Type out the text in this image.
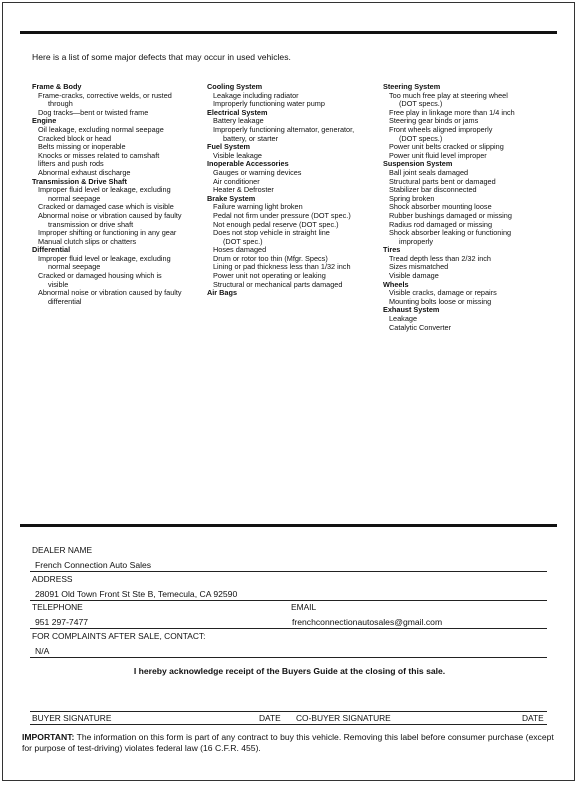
Here is a list of some major defects that may occur in used vehicles.
Frame & Body
Frame-cracks, corrective welds, or rusted
through
Dog tracks—bent or twisted frame
Engine
Oil leakage, excluding normal seepage
Cracked block or head
Belts missing or inoperable
Knocks or misses related to camshaft
lifters and push rods
Abnormal exhaust discharge
Transmission & Drive Shaft
Improper fluid level or leakage, excluding
normal seepage
Cracked or damaged case which is visible
Abnormal noise or vibration caused by faulty
transmission or drive shaft
Improper shifting or functioning in any gear
Manual clutch slips or chatters
Differential
Improper fluid level or leakage, excluding
normal seepage
Cracked or damaged housing which is
visible
Abnormal noise or vibration caused by faulty
differential
Cooling System
Leakage including radiator
Improperly functioning water pump
Electrical System
Battery leakage
Improperly functioning alternator, generator,
battery, or starter
Fuel System
Visible leakage
Inoperable Accessories
Gauges or warning devices
Air conditioner
Heater & Defroster
Brake System
Failure warning light broken
Pedal not firm under pressure (DOT spec.)
Not enough pedal reserve (DOT spec.)
Does not stop vehicle in straight line
(DOT spec.)
Hoses damaged
Drum or rotor too thin (Mfgr. Specs)
Lining or pad thickness less than 1/32 inch
Power unit not operating or leaking
Structural or mechanical parts damaged
Air Bags
Steering System
Too much free play at steering wheel
(DOT specs.)
Free play in linkage more than 1/4 inch
Steering gear binds or jams
Front wheels aligned improperly
(DOT specs.)
Power unit belts cracked or slipping
Power unit fluid level improper
Suspension System
Ball joint seals damaged
Structural parts bent or damaged
Stabilizer bar disconnected
Spring broken
Shock absorber mounting loose
Rubber bushings damaged or missing
Radius rod damaged or missing
Shock absorber leaking or functioning
improperly
Tires
Tread depth less than 2/32 inch
Sizes mismatched
Visible damage
Wheels
Visible cracks, damage or repairs
Mounting bolts loose or missing
Exhaust System
Leakage
Catalytic Converter
DEALER NAME
French Connection Auto Sales
ADDRESS
28091 Old Town Front St Ste B, Temecula, CA 92590
TELEPHONE	EMAIL
951 297-7477	frenchconnectionautosales@gmail.com
FOR COMPLAINTS AFTER SALE, CONTACT:
N/A
I hereby acknowledge receipt of the Buyers Guide at the closing of this sale.
BUYER SIGNATURE	DATE CO-BUYER SIGNATURE	DATE
IMPORTANT: The information on this form is part of any contract to buy this vehicle. Removing this label before consumer purchase (except for purpose of test-driving) violates federal law (16 C.F.R. 455).
